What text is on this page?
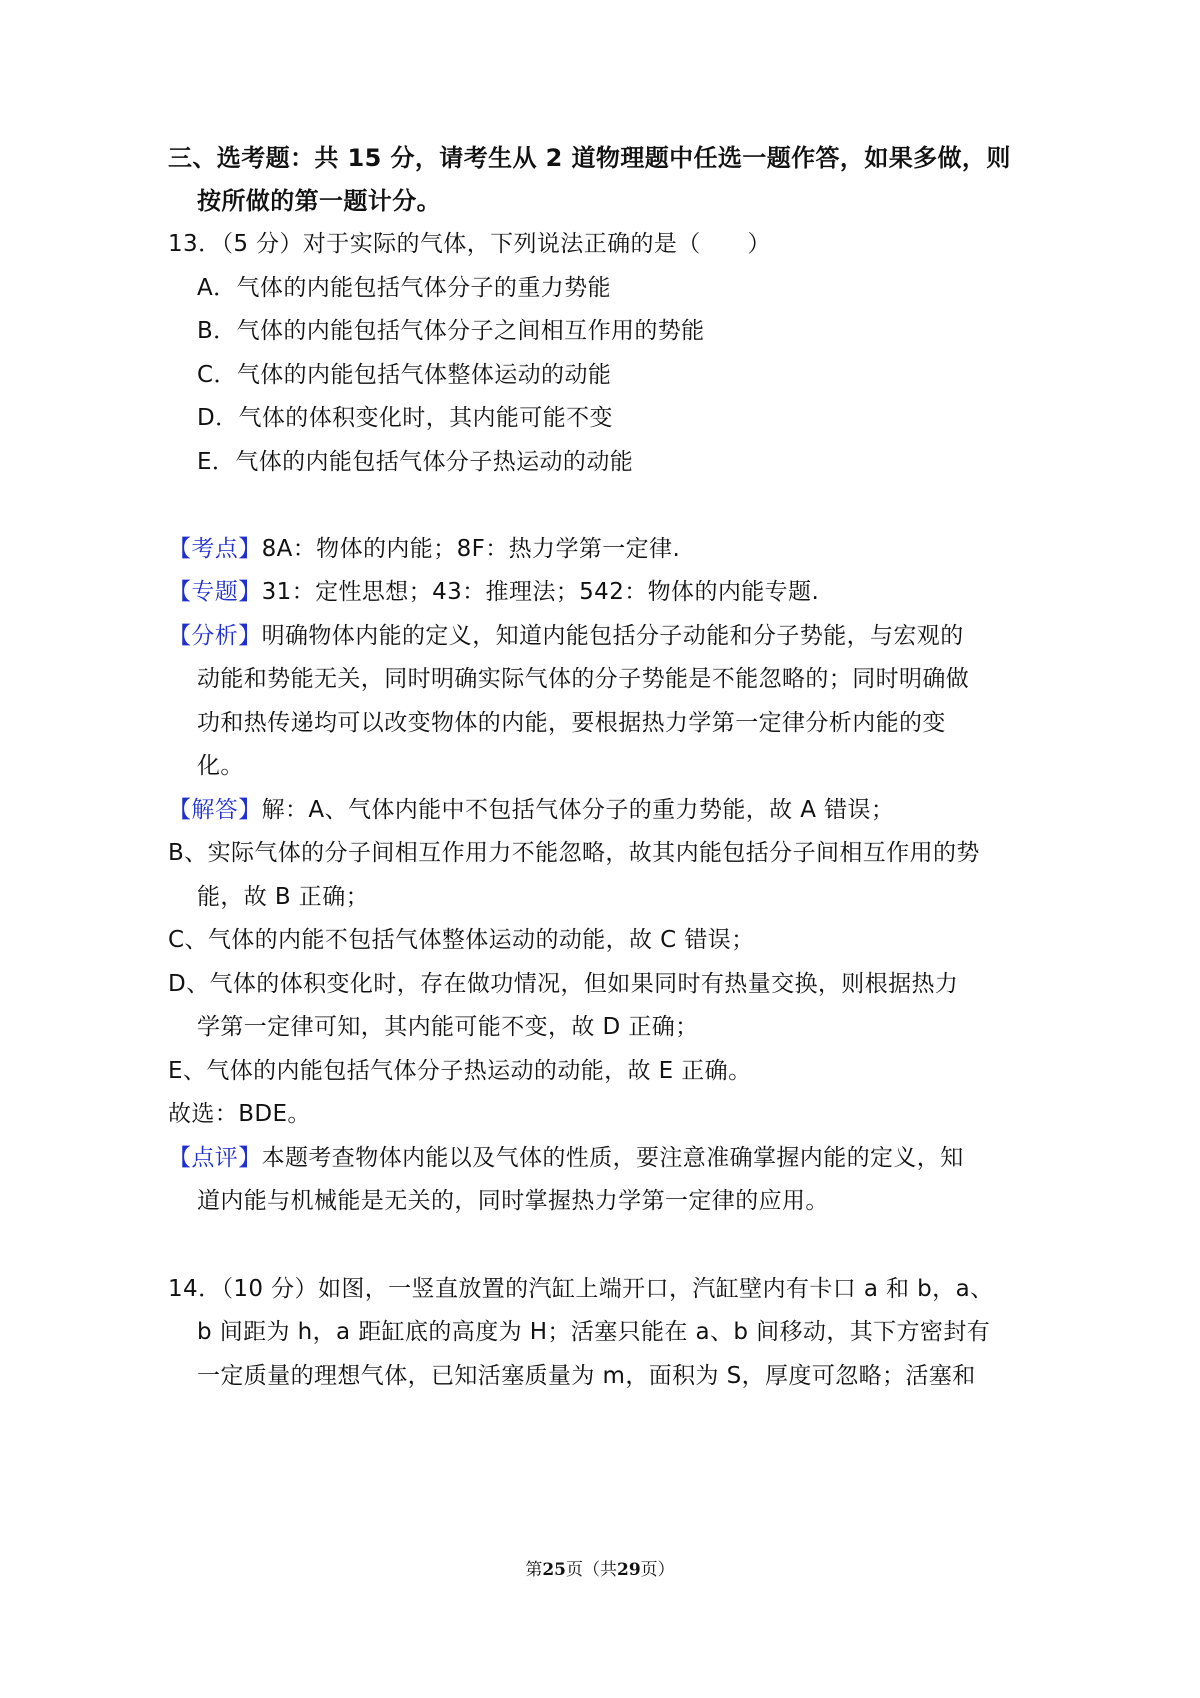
三、选考题：共 15 分，请考生从 2 道物理题中任选一题作答，如果多做，则
按所做的第一题计分。
13．（5 分）对于实际的气体，下列说法正确的是（　　）
A．气体的内能包括气体分子的重力势能
B．气体的内能包括气体分子之间相互作用的势能
C．气体的内能包括气体整体运动的动能
D．气体的体积变化时，其内能可能不变
E．气体的内能包括气体分子热运动的动能
【考点】8A：物体的内能；8F：热力学第一定律.
【专题】31：定性思想；43：推理法；542：物体的内能专题.
【分析】明确物体内能的定义，知道内能包括分子动能和分子势能，与宏观的
动能和势能无关，同时明确实际气体的分子势能是不能忽略的；同时明确做
功和热传递均可以改变物体的内能，要根据热力学第一定律分析内能的变
化。
【解答】解：A、气体内能中不包括气体分子的重力势能，故 A 错误；
B、实际气体的分子间相互作用力不能忽略，故其内能包括分子间相互作用的势
能，故 B 正确；
C、气体的内能不包括气体整体运动的动能，故 C 错误；
D、气体的体积变化时，存在做功情况，但如果同时有热量交换，则根据热力
学第一定律可知，其内能可能不变，故 D 正确；
E、气体的内能包括气体分子热运动的动能，故 E 正确。
故选：BDE。
【点评】本题考查物体内能以及气体的性质，要注意准确掌握内能的定义，知
道内能与机械能是无关的，同时掌握热力学第一定律的应用。
14．（10 分）如图，一竖直放置的汽缸上端开口，汽缸壁内有卡口 a 和 b，a、
b 间距为 h，a 距缸底的高度为 H；活塞只能在 a、b 间移动，其下方密封有
一定质量的理想气体，已知活塞质量为 m，面积为 S，厚度可忽略；活塞和
第25页（共29页）
